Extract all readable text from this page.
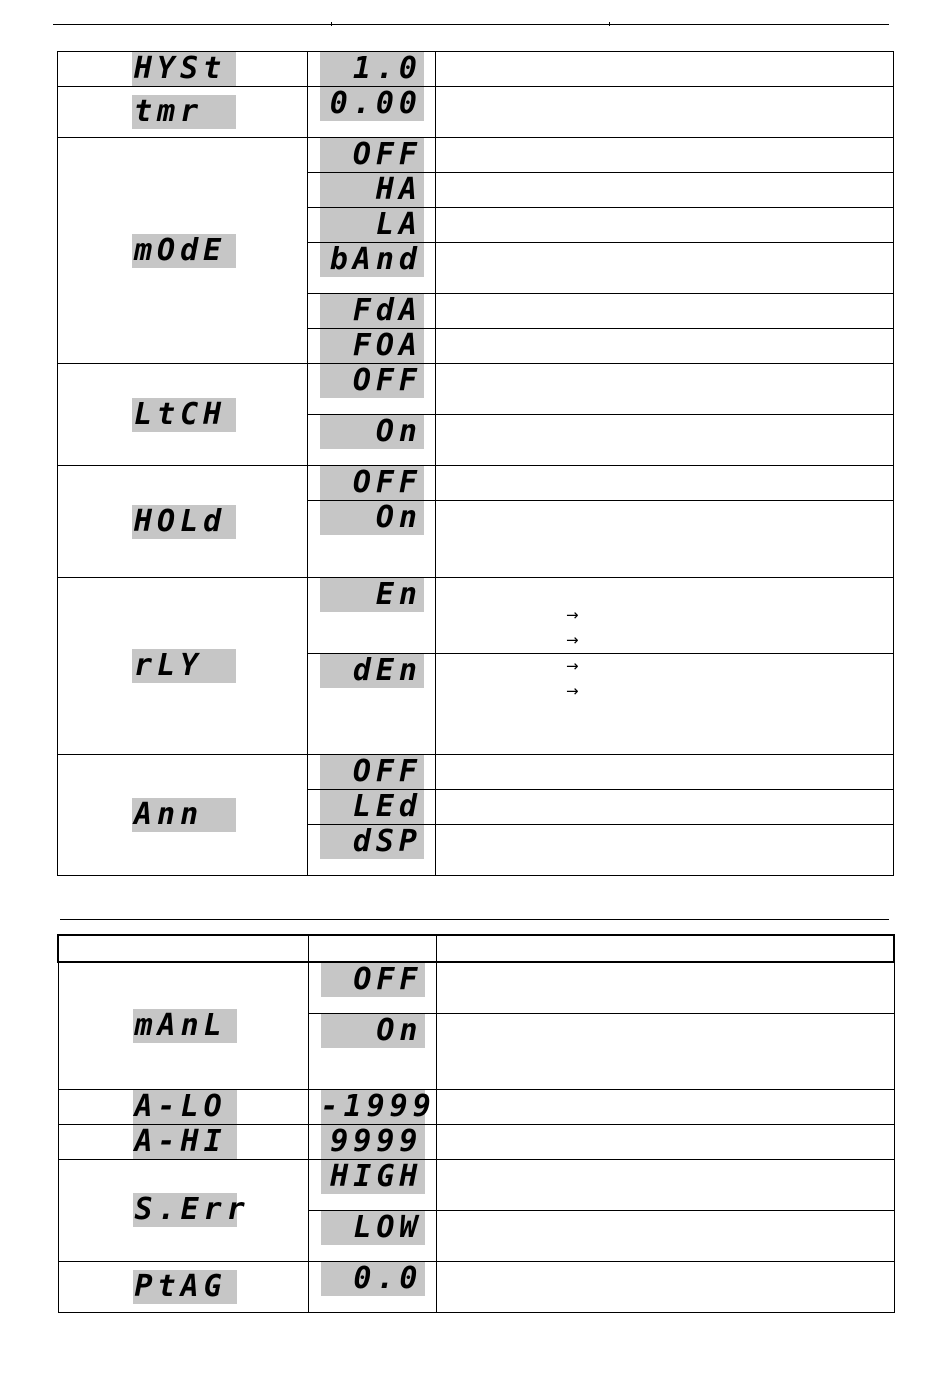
HYSt	1.0	

tmr	0.00	

mOdE	OFF	

	HA	

	LA	

	bAnd	

	FdA	

	FOA	

LtCH	OFF	

	On	

HOLd	OFF	

	On	

rLY	En	→
→

	dEn	→
→

Ann	OFF	

	LEd	

	dSP	

mAnL	OFF	

	On	

A-LO	-1999	

A-HI	9999	

S.Err	HIGH	

	LOW	

PtAG	0.0	
